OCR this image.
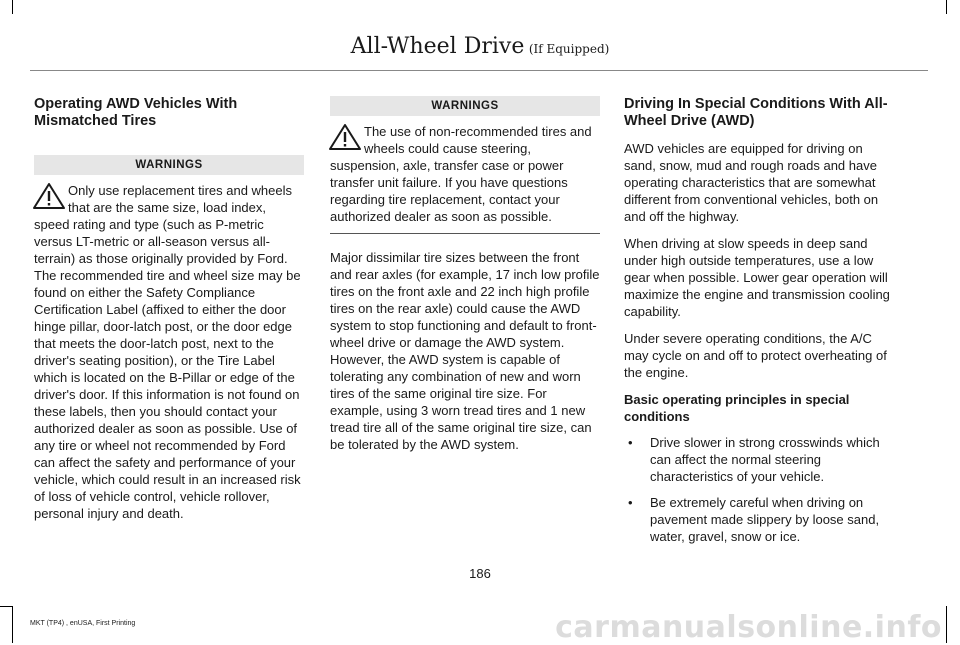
All-Wheel Drive (If Equipped)

Operating AWD Vehicles With Mismatched Tires

WARNINGS

Only use replacement tires and wheels that are the same size, load index, speed rating and type (such as P-metric versus LT-metric or all-season versus all-terrain) as those originally provided by Ford. The recommended tire and wheel size may be found on either the Safety Compliance Certification Label (affixed to either the door hinge pillar, door-latch post, or the door edge that meets the door-latch post, next to the driver's seating position), or the Tire Label which is located on the B-Pillar or edge of the driver's door. If this information is not found on these labels, then you should contact your authorized dealer as soon as possible. Use of any tire or wheel not recommended by Ford can affect the safety and performance of your vehicle, which could result in an increased risk of loss of vehicle control, vehicle rollover, personal injury and death.

WARNINGS

The use of non-recommended tires and wheels could cause steering, suspension, axle, transfer case or power transfer unit failure. If you have questions regarding tire replacement, contact your authorized dealer as soon as possible.

Major dissimilar tire sizes between the front and rear axles (for example, 17 inch low profile tires on the front axle and 22 inch high profile tires on the rear axle) could cause the AWD system to stop functioning and default to front-wheel drive or damage the AWD system. However, the AWD system is capable of tolerating any combination of new and worn tires of the same original tire size. For example, using 3 worn tread tires and 1 new tread tire all of the same original tire size, can be tolerated by the AWD system.

Driving In Special Conditions With All-Wheel Drive (AWD)

AWD vehicles are equipped for driving on sand, snow, mud and rough roads and have operating characteristics that are somewhat different from conventional vehicles, both on and off the highway.

When driving at slow speeds in deep sand under high outside temperatures, use a low gear when possible. Lower gear operation will maximize the engine and transmission cooling capability.

Under severe operating conditions, the A/C may cycle on and off to protect overheating of the engine.

Basic operating principles in special conditions

• Drive slower in strong crosswinds which can affect the normal steering characteristics of your vehicle.
• Be extremely careful when driving on pavement made slippery by loose sand, water, gravel, snow or ice.
186
MKT (TP4) , enUSA, First Printing	carmanualsonline.info
